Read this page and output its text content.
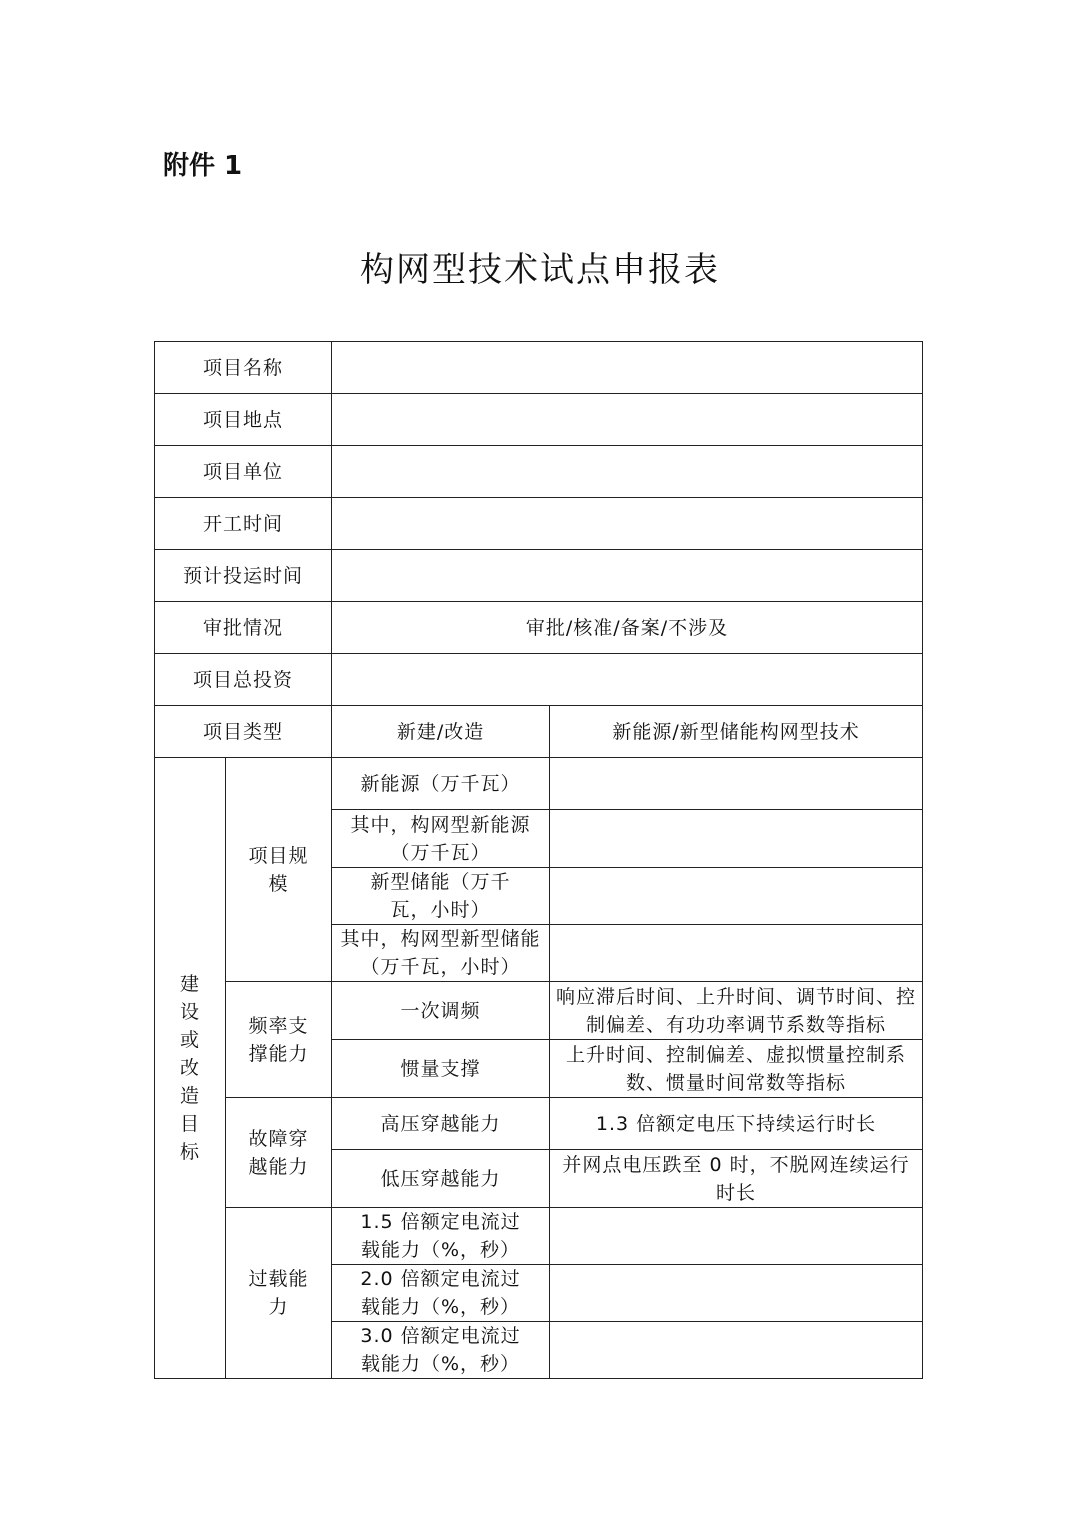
附件 1
构网型技术试点申报表
项目名称			
项目地点			
项目单位			
开工时间			
预计投运时间			
审批情况		审批/核准/备案/不涉及	
项目总投资			
项目类型		新建/改造	新能源/新型储能构网型技术
建设或改造目标	项目规模	新能源（万千瓦）	
		其中，构网型新能源（万千瓦）	
		新型储能（万千瓦，小时）	
		其中，构网型新型储能（万千瓦，小时）	
	频率支撑能力	一次调频	响应滞后时间、上升时间、调节时间、控制偏差、有功功率调节系数等指标
		惯量支撑	上升时间、控制偏差、虚拟惯量控制系数、惯量时间常数等指标
	故障穿越能力	高压穿越能力	1.3 倍额定电压下持续运行时长
		低压穿越能力	并网点电压跌至 0 时，不脱网连续运行时长
	过载能力	1.5 倍额定电流过载能力（%，秒）	
		2.0 倍额定电流过载能力（%，秒）	
		3.0 倍额定电流过载能力（%，秒）	
